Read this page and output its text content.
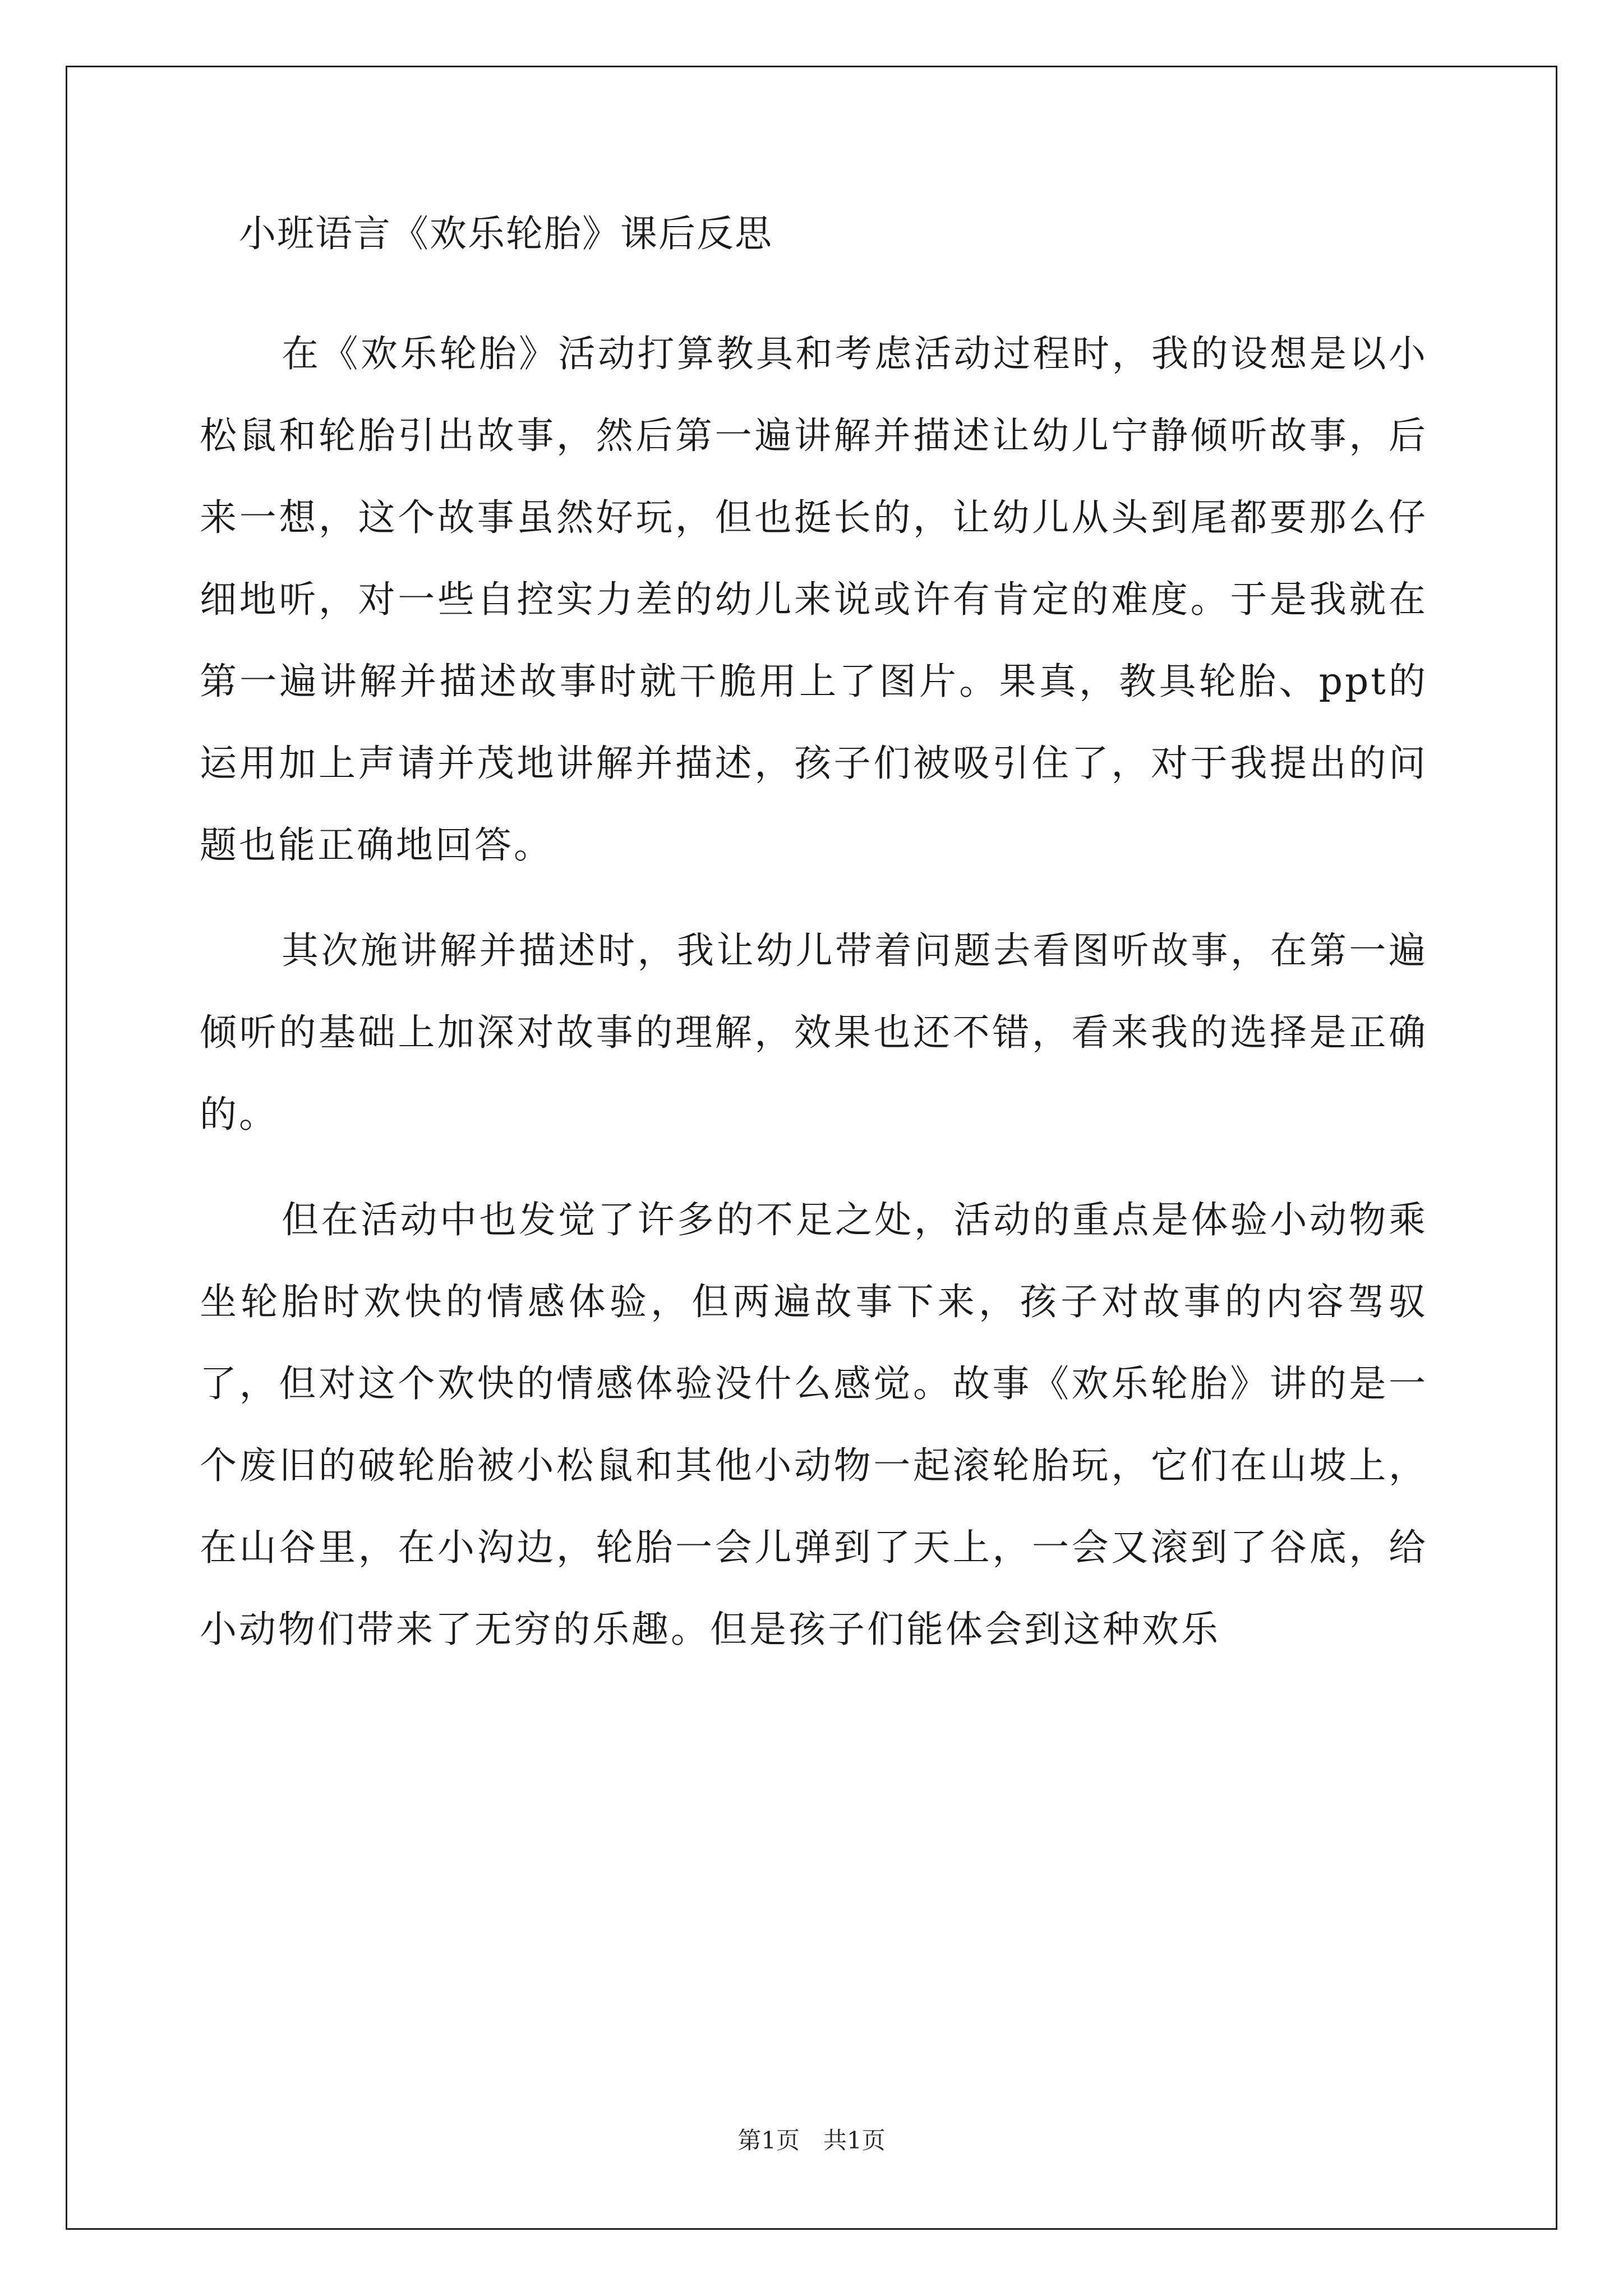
小班语言《欢乐轮胎》课后反思

在《欢乐轮胎》活动打算教具和考虑活动过程时，我的设想是以小松鼠和轮胎引出故事，然后第一遍讲解并描述让幼儿宁静倾听故事，后来一想，这个故事虽然好玩，但也挺长的，让幼儿从头到尾都要那么仔细地听，对一些自控实力差的幼儿来说或许有肯定的难度。于是我就在第一遍讲解并描述故事时就干脆用上了图片。果真，教具轮胎、ppt的运用加上声请并茂地讲解并描述，孩子们被吸引住了，对于我提出的问题也能正确地回答。

其次施讲解并描述时，我让幼儿带着问题去看图听故事，在第一遍倾听的基础上加深对故事的理解，效果也还不错，看来我的选择是正确的。

但在活动中也发觉了许多的不足之处，活动的重点是体验小动物乘坐轮胎时欢快的情感体验，但两遍故事下来，孩子对故事的内容驾驭了，但对这个欢快的情感体验没什么感觉。故事《欢乐轮胎》讲的是一个废旧的破轮胎被小松鼠和其他小动物一起滚轮胎玩，它们在山坡上，在山谷里，在小沟边，轮胎一会儿弹到了天上，一会又滚到了谷底，给小动物们带来了无穷的乐趣。但是孩子们能体会到这种欢乐

第1页　共1页
